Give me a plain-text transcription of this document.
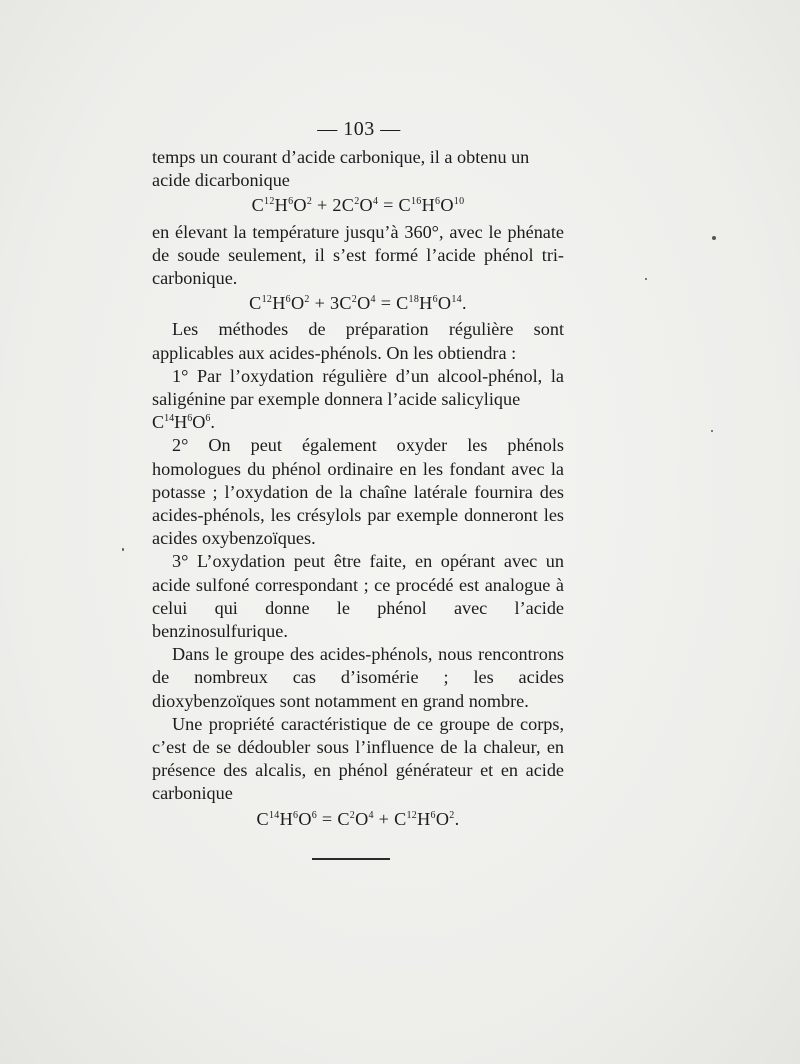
— 103 —

temps un courant d’acide carbonique, il a obtenu un acide dicarbonique

$C^{12}H^6O^2 + 2C^2O^4 = C^{16}H^6O^{10}$

en élevant la température jusqu’à 360°, avec le phénate de soude seulement, il s’est formé l’acide phénol tri-carbonique.

$C^{12}H^6O^2 + 3C^2O^4 = C^{18}H^6O^{14}$.

Les méthodes de préparation régulière sont applicables aux acides-phénols. On les obtiendra :

1° Par l’oxydation régulière d’un alcool-phénol, la saligénine par exemple donnera l’acide salicylique

$C^{14}H^6O^6$.

2° On peut également oxyder les phénols homologues du phénol ordinaire en les fondant avec la potasse ; l’oxydation de la chaîne latérale fournira des acides-phénols, les crésylols par exemple donneront les acides oxybenzoïques.

3° L’oxydation peut être faite, en opérant avec un acide sulfoné correspondant ; ce procédé est analogue à celui qui donne le phénol avec l’acide benzinosulfurique.

Dans le groupe des acides-phénols, nous rencontrons de nombreux cas d’isomérie ; les acides dioxybenzoïques sont notamment en grand nombre.

Une propriété caractéristique de ce groupe de corps, c’est de se dédoubler sous l’influence de la chaleur, en présence des alcalis, en phénol générateur et en acide carbonique

$C^{14}H^6O^6 = C^2O^4 + C^{12}H^6O^2$.
